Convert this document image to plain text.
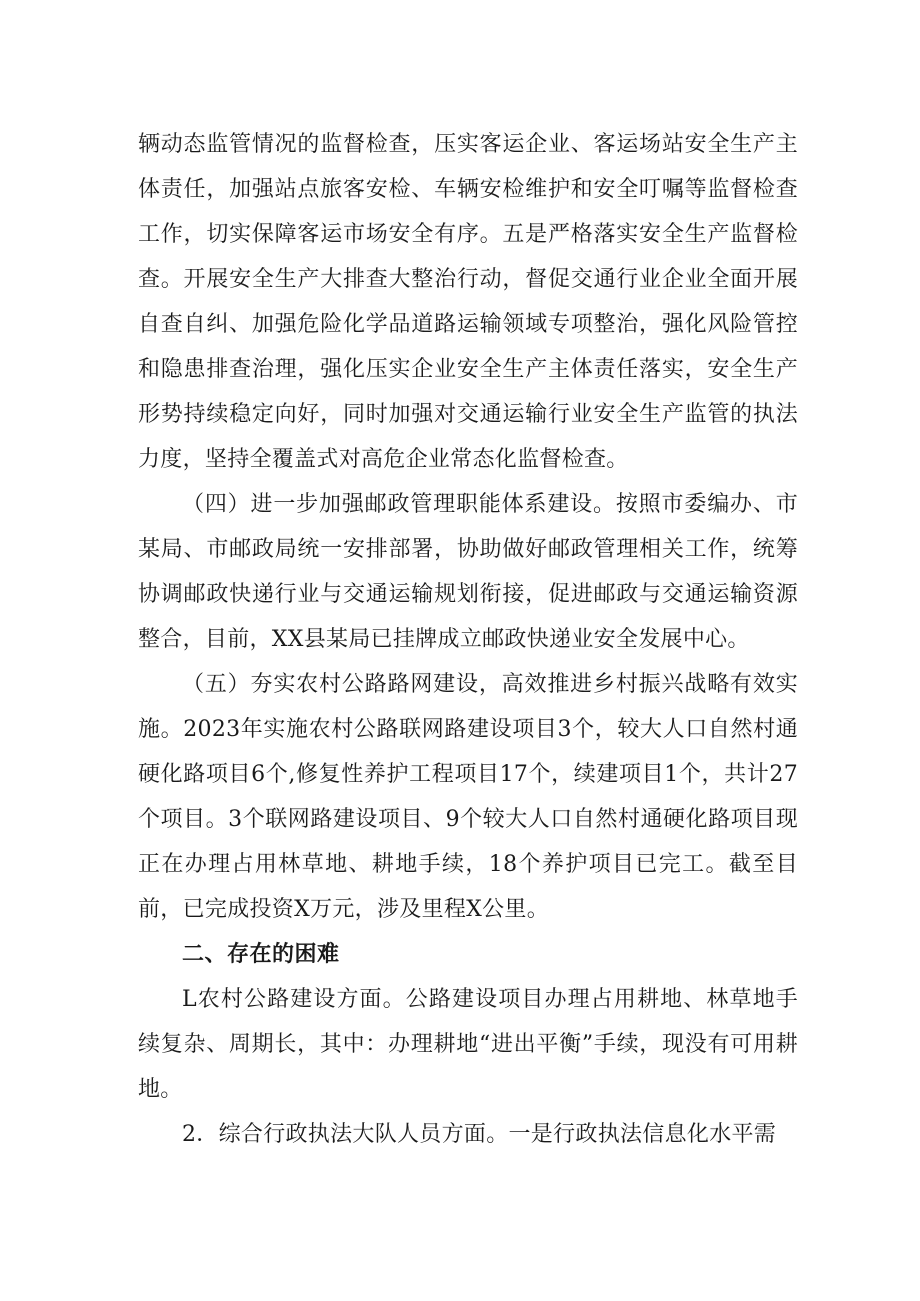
辆动态监管情况的监督检查，压实客运企业、客运场站安全生产主体责任，加强站点旅客安检、车辆安检维护和安全叮嘱等监督检查工作，切实保障客运市场安全有序。五是严格落实安全生产监督检查。开展安全生产大排查大整治行动，督促交通行业企业全面开展自查自纠、加强危险化学品道路运输领域专项整治，强化风险管控和隐患排查治理，强化压实企业安全生产主体责任落实，安全生产形势持续稳定向好，同时加强对交通运输行业安全生产监管的执法力度，坚持全覆盖式对高危企业常态化监督检查。

（四）进一步加强邮政管理职能体系建设。按照市委编办、市某局、市邮政局统一安排部署，协助做好邮政管理相关工作，统筹协调邮政快递行业与交通运输规划衔接，促进邮政与交通运输资源整合，目前，XX县某局已挂牌成立邮政快递业安全发展中心。

（五）夯实农村公路路网建设，高效推进乡村振兴战略有效实施。2023年实施农村公路联网路建设项目3个，较大人口自然村通硬化路项目6个,修复性养护工程项目17个，续建项目1个，共计27个项目。3个联网路建设项目、9个较大人口自然村通硬化路项目现正在办理占用林草地、耕地手续，18个养护项目已完工。截至目前，已完成投资X万元，涉及里程X公里。

二、存在的困难

L农村公路建设方面。公路建设项目办理占用耕地、林草地手续复杂、周期长，其中：办理耕地“进出平衡”手续，现没有可用耕地。

2．综合行政执法大队人员方面。一是行政执法信息化水平需
